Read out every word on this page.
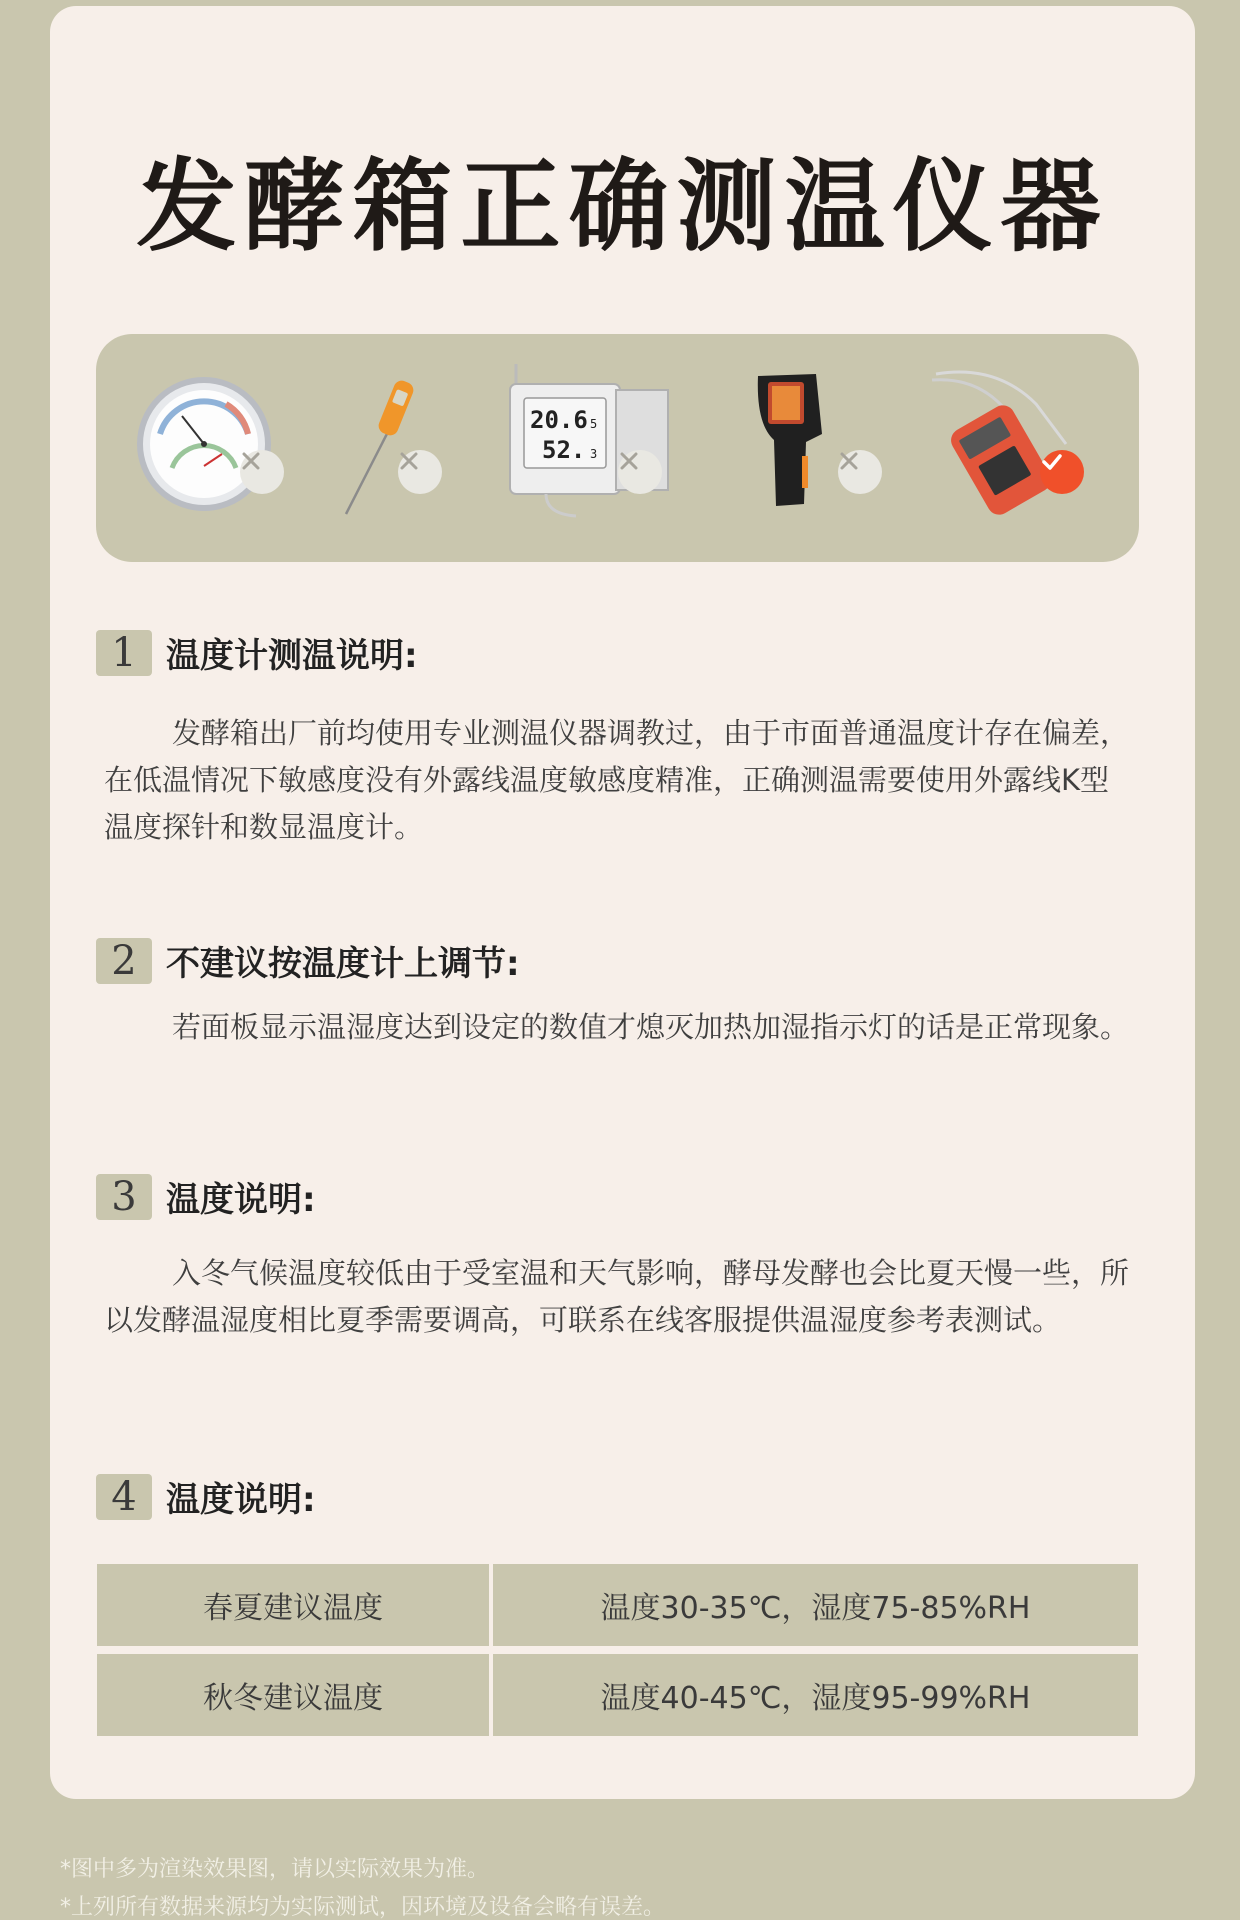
发酵箱正确测温仪器
20.6 5
52. 3
1 温度计测温说明:

发酵箱出厂前均使用专业测温仪器调教过，由于市面普通温度计存在偏差，在低温情况下敏感度没有外露线温度敏感度精准，正确测温需要使用外露线K型温度探针和数显温度计。

2 不建议按温度计上调节:

若面板显示温湿度达到设定的数值才熄灭加热加湿指示灯的话是正常现象。

3 温度说明:

入冬气候温度较低由于受室温和天气影响，酵母发酵也会比夏天慢一些，所以发酵温湿度相比夏季需要调高，可联系在线客服提供温湿度参考表测试。

4 温度说明:
春夏建议温度	温度30-35℃，湿度75-85%RH
秋冬建议温度	温度40-45℃，湿度95-99%RH
*图中多为渲染效果图，请以实际效果为准。
*上列所有数据来源均为实际测试，因环境及设备会略有误差。
